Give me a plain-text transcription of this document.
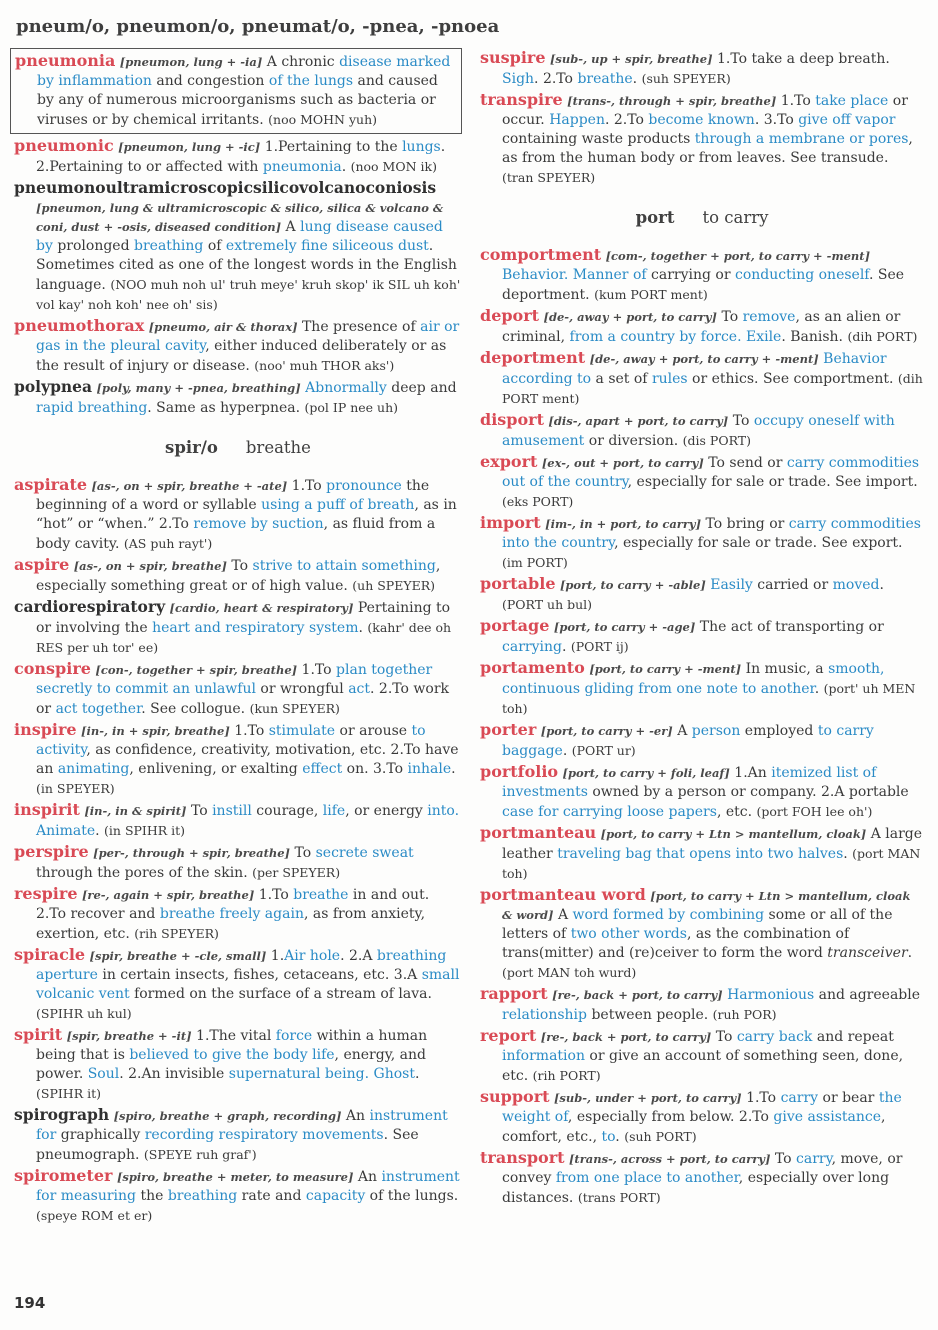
pneum/o, pneumon/o, pneumat/o, -pnea, -pnoea
pneumonia [pneumon, lung + -ia] A chronic disease marked by inflammation and congestion of the lungs and caused by any of numerous microorganisms such as bacteria or viruses or by chemical irritants. (noo MOHN yuh)
pneumonic [pneumon, lung + -ic] 1.Pertaining to the lungs. 2.Pertaining to or affected with pneumonia. (noo MON ik)
pneumonoultramicroscopicsilicovolcanoconiosis [pneumon, lung & ultramicroscopic & silico, silica & volcano & coni, dust + -osis, diseased condition] A lung disease caused by prolonged breathing of extremely fine siliceous dust. Sometimes cited as one of the longest words in the English language. (NOO muh noh ul' truh meye' kruh skop' ik SIL uh koh' vol kay' noh koh' nee oh' sis)
pneumothorax [pneumo, air & thorax] The presence of air or gas in the pleural cavity, either induced deliberately or as the result of injury or disease. (noo' muh THOR aks')
polypnea [poly, many + -pnea, breathing] Abnormally deep and rapid breathing. Same as hyperpnea. (pol IP nee uh)
spir/o breathe
aspirate [as-, on + spir, breathe + -ate] 1.To pronounce the beginning of a word or syllable using a puff of breath, as in “hot” or “when.” 2.To remove by suction, as fluid from a body cavity. (AS puh rayt')
aspire [as-, on + spir, breathe] To strive to attain something, especially something great or of high value. (uh SPEYER)
cardiorespiratory [cardio, heart & respiratory] Pertaining to or involving the heart and respiratory system. (kahr' dee oh RES per uh tor' ee)
conspire [con-, together + spir, breathe] 1.To plan together secretly to commit an unlawful or wrongful act. 2.To work or act together. See collogue. (kun SPEYER)
inspire [in-, in + spir, breathe] 1.To stimulate or arouse to activity, as confidence, creativity, motivation, etc. 2.To have an animating, enlivening, or exalting effect on. 3.To inhale. (in SPEYER)
inspirit [in-, in & spirit] To instill courage, life, or energy into. Animate. (in SPIHR it)
perspire [per-, through + spir, breathe] To secrete sweat through the pores of the skin. (per SPEYER)
respire [re-, again + spir, breathe] 1.To breathe in and out. 2.To recover and breathe freely again, as from anxiety, exertion, etc. (rih SPEYER)
spiracle [spir, breathe + -cle, small] 1.Air hole. 2.A breathing aperture in certain insects, fishes, cetaceans, etc. 3.A small volcanic vent formed on the surface of a stream of lava. (SPIHR uh kul)
spirit [spir, breathe + -it] 1.The vital force within a human being that is believed to give the body life, energy, and power. Soul. 2.An invisible supernatural being. Ghost. (SPIHR it)
spirograph [spiro, breathe + graph, recording] An instrument for graphically recording respiratory movements. See pneumograph. (SPEYE ruh graf')
spirometer [spiro, breathe + meter, to measure] An instrument for measuring the breathing rate and capacity of the lungs. (speye ROM et er)
suspire [sub-, up + spir, breathe] 1.To take a deep breath. Sigh. 2.To breathe. (suh SPEYER)
transpire [trans-, through + spir, breathe] 1.To take place or occur. Happen. 2.To become known. 3.To give off vapor containing waste products through a membrane or pores, as from the human body or from leaves. See transude. (tran SPEYER)
port to carry
comportment [com-, together + port, to carry + -ment] Behavior. Manner of carrying or conducting oneself. See deportment. (kum PORT ment)
deport [de-, away + port, to carry] To remove, as an alien or criminal, from a country by force. Exile. Banish. (dih PORT)
deportment [de-, away + port, to carry + -ment] Behavior according to a set of rules or ethics. See comportment. (dih PORT ment)
disport [dis-, apart + port, to carry] To occupy oneself with amusement or diversion. (dis PORT)
export [ex-, out + port, to carry] To send or carry commodities out of the country, especially for sale or trade. See import. (eks PORT)
import [im-, in + port, to carry] To bring or carry commodities into the country, especially for sale or trade. See export. (im PORT)
portable [port, to carry + -able] Easily carried or moved. (PORT uh bul)
portage [port, to carry + -age] The act of transporting or carrying. (PORT ij)
portamento [port, to carry + -ment] In music, a smooth, continuous gliding from one note to another. (port' uh MEN toh)
porter [port, to carry + -er] A person employed to carry baggage. (PORT ur)
portfolio [port, to carry + foli, leaf] 1.An itemized list of investments owned by a person or company. 2.A portable case for carrying loose papers, etc. (port FOH lee oh')
portmanteau [port, to carry + Ltn > mantellum, cloak] A large leather traveling bag that opens into two halves. (port MAN toh)
portmanteau word [port, to carry + Ltn > mantellum, cloak & word] A word formed by combining some or all of the letters of two other words, as the combination of trans(mitter) and (re)ceiver to form the word transceiver. (port MAN toh wurd)
rapport [re-, back + port, to carry] Harmonious and agreeable relationship between people. (ruh POR)
report [re-, back + port, to carry] To carry back and repeat information or give an account of something seen, done, etc. (rih PORT)
support [sub-, under + port, to carry] 1.To carry or bear the weight of, especially from below. 2.To give assistance, comfort, etc., to. (suh PORT)
transport [trans-, across + port, to carry] To carry, move, or convey from one place to another, especially over long distances. (trans PORT)
194
